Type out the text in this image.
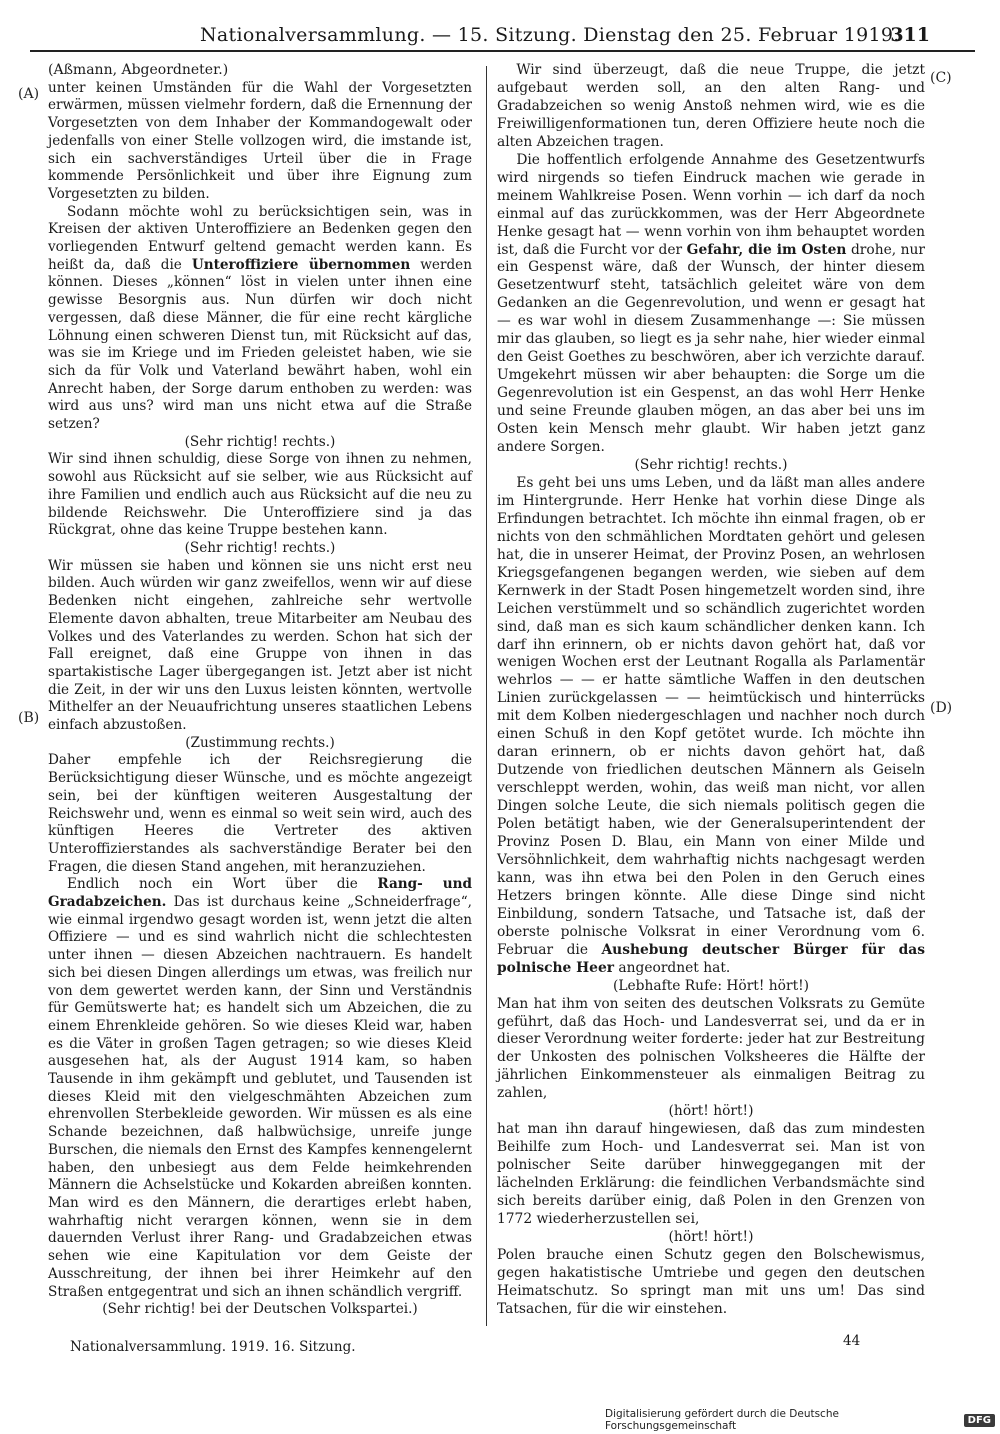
Nationalversammlung. — 15. Sitzung. Dienstag den 25. Februar 1919.
311
(A)
(B)
(C)
(D)

(Aßmann, Abgeordneter.)

unter keinen Umständen für die Wahl der Vorgesetzten erwärmen, müssen vielmehr fordern, daß die Ernennung der Vorgesetzten von dem Inhaber der Kommandogewalt oder jedenfalls von einer Stelle vollzogen wird, die imstande ist, sich ein sachverständiges Urteil über die in Frage kommende Persönlichkeit und über ihre Eignung zum Vorgesetzten zu bilden.

Sodann möchte wohl zu berücksichtigen sein, was in Kreisen der aktiven Unteroffiziere an Bedenken gegen den vorliegenden Entwurf geltend gemacht werden kann. Es heißt da, daß die Unteroffiziere übernommen werden können. Dieses „können“ löst in vielen unter ihnen eine gewisse Besorgnis aus. Nun dürfen wir doch nicht vergessen, daß diese Männer, die für eine recht kärgliche Löhnung einen schweren Dienst tun, mit Rücksicht auf das, was sie im Kriege und im Frieden geleistet haben, wie sie sich da für Volk und Vaterland bewährt haben, wohl ein Anrecht haben, der Sorge darum enthoben zu werden: was wird aus uns? wird man uns nicht etwa auf die Straße setzen?

(Sehr richtig! rechts.)

Wir sind ihnen schuldig, diese Sorge von ihnen zu nehmen, sowohl aus Rücksicht auf sie selber, wie aus Rücksicht auf ihre Familien und endlich auch aus Rücksicht auf die neu zu bildende Reichswehr. Die Unteroffiziere sind ja das Rückgrat, ohne das keine Truppe bestehen kann.

(Sehr richtig! rechts.)

Wir müssen sie haben und können sie uns nicht erst neu bilden. Auch würden wir ganz zweifellos, wenn wir auf diese Bedenken nicht eingehen, zahlreiche sehr wertvolle Elemente davon abhalten, treue Mitarbeiter am Neubau des Volkes und des Vaterlandes zu werden. Schon hat sich der Fall ereignet, daß eine Gruppe von ihnen in das spartakistische Lager übergegangen ist. Jetzt aber ist nicht die Zeit, in der wir uns den Luxus leisten könnten, wertvolle Mithelfer an der Neuaufrichtung unseres staatlichen Lebens einfach abzustoßen.

(Zustimmung rechts.)

Daher empfehle ich der Reichsregierung die Berücksichtigung dieser Wünsche, und es möchte angezeigt sein, bei der künftigen weiteren Ausgestaltung der Reichswehr und, wenn es einmal so weit sein wird, auch des künftigen Heeres die Vertreter des aktiven Unteroffizierstandes als sachverständige Berater bei den Fragen, die diesen Stand angehen, mit heranzuziehen.

Endlich noch ein Wort über die Rang- und Gradabzeichen. Das ist durchaus keine „Schneiderfrage“, wie einmal irgendwo gesagt worden ist, wenn jetzt die alten Offiziere — und es sind wahrlich nicht die schlechtesten unter ihnen — diesen Abzeichen nachtrauern. Es handelt sich bei diesen Dingen allerdings um etwas, was freilich nur von dem gewertet werden kann, der Sinn und Verständnis für Gemütswerte hat; es handelt sich um Abzeichen, die zu einem Ehrenkleide gehören. So wie dieses Kleid war, haben es die Väter in großen Tagen getragen; so wie dieses Kleid ausgesehen hat, als der August 1914 kam, so haben Tausende in ihm gekämpft und geblutet, und Tausenden ist dieses Kleid mit den vielgeschmähten Abzeichen zum ehrenvollen Sterbekleide geworden. Wir müssen es als eine Schande bezeichnen, daß halbwüchsige, unreife junge Burschen, die niemals den Ernst des Kampfes kennengelernt haben, den unbesiegt aus dem Felde heimkehrenden Männern die Achselstücke und Kokarden abreißen konnten. Man wird es den Männern, die derartiges erlebt haben, wahrhaftig nicht verargen können, wenn sie in dem dauernden Verlust ihrer Rang- und Gradabzeichen etwas sehen wie eine Kapitulation vor dem Geiste der Ausschreitung, der ihnen bei ihrer Heimkehr auf den Straßen entgegentrat und sich an ihnen schändlich vergriff.

(Sehr richtig! bei der Deutschen Volkspartei.)

Wir sind überzeugt, daß die neue Truppe, die jetzt aufgebaut werden soll, an den alten Rang- und Gradabzeichen so wenig Anstoß nehmen wird, wie es die Freiwilligenformationen tun, deren Offiziere heute noch die alten Abzeichen tragen.

Die hoffentlich erfolgende Annahme des Gesetzentwurfs wird nirgends so tiefen Eindruck machen wie gerade in meinem Wahlkreise Posen. Wenn vorhin — ich darf da noch einmal auf das zurückkommen, was der Herr Abgeordnete Henke gesagt hat — wenn vorhin von ihm behauptet worden ist, daß die Furcht vor der Gefahr, die im Osten drohe, nur ein Gespenst wäre, daß der Wunsch, der hinter diesem Gesetzentwurf steht, tatsächlich geleitet wäre von dem Gedanken an die Gegenrevolution, und wenn er gesagt hat — es war wohl in diesem Zusammenhange —: Sie müssen mir das glauben, so liegt es ja sehr nahe, hier wieder einmal den Geist Goethes zu beschwören, aber ich verzichte darauf. Umgekehrt müssen wir aber behaupten: die Sorge um die Gegenrevolution ist ein Gespenst, an das wohl Herr Henke und seine Freunde glauben mögen, an das aber bei uns im Osten kein Mensch mehr glaubt. Wir haben jetzt ganz andere Sorgen.

(Sehr richtig! rechts.)

Es geht bei uns ums Leben, und da läßt man alles andere im Hintergrunde. Herr Henke hat vorhin diese Dinge als Erfindungen betrachtet. Ich möchte ihn einmal fragen, ob er nichts von den schmählichen Mordtaten gehört und gelesen hat, die in unserer Heimat, der Provinz Posen, an wehrlosen Kriegsgefangenen begangen werden, wie sieben auf dem Kernwerk in der Stadt Posen hingemetzelt worden sind, ihre Leichen verstümmelt und so schändlich zugerichtet worden sind, daß man es sich kaum schändlicher denken kann. Ich darf ihn erinnern, ob er nichts davon gehört hat, daß vor wenigen Wochen erst der Leutnant Rogalla als Parlamentär wehrlos — — er hatte sämtliche Waffen in den deutschen Linien zurückgelassen — — heimtückisch und hinterrücks mit dem Kolben niedergeschlagen und nachher noch durch einen Schuß in den Kopf getötet wurde. Ich möchte ihn daran erinnern, ob er nichts davon gehört hat, daß Dutzende von friedlichen deutschen Männern als Geiseln verschleppt werden, wohin, das weiß man nicht, vor allen Dingen solche Leute, die sich niemals politisch gegen die Polen betätigt haben, wie der Generalsuperintendent der Provinz Posen D. Blau, ein Mann von einer Milde und Versöhnlichkeit, dem wahrhaftig nichts nachgesagt werden kann, was ihn etwa bei den Polen in den Geruch eines Hetzers bringen könnte. Alle diese Dinge sind nicht Einbildung, sondern Tatsache, und Tatsache ist, daß der oberste polnische Volksrat in einer Verordnung vom 6. Februar die Aushebung deutscher Bürger für das polnische Heer angeordnet hat.

(Lebhafte Rufe: Hört! hört!)

Man hat ihm von seiten des deutschen Volksrats zu Gemüte geführt, daß das Hoch- und Landesverrat sei, und da er in dieser Verordnung weiter forderte: jeder hat zur Bestreitung der Unkosten des polnischen Volksheeres die Hälfte der jährlichen Einkommensteuer als einmaligen Beitrag zu zahlen,

(hört! hört!)

hat man ihn darauf hingewiesen, daß das zum mindesten Beihilfe zum Hoch- und Landesverrat sei. Man ist von polnischer Seite darüber hinweggegangen mit der lächelnden Erklärung: die feindlichen Verbandsmächte sind sich bereits darüber einig, daß Polen in den Grenzen von 1772 wiederherzustellen sei,

(hört! hört!)

Polen brauche einen Schutz gegen den Bolschewismus, gegen hakatistische Umtriebe und gegen den deutschen Heimatschutz. So springt man mit uns um! Das sind Tatsachen, für die wir einstehen.

Nationalversammlung. 1919. 16. Sitzung.	44
Digitalisierung gefördert durch die Deutsche Forschungsgemeinschaft	DFG
